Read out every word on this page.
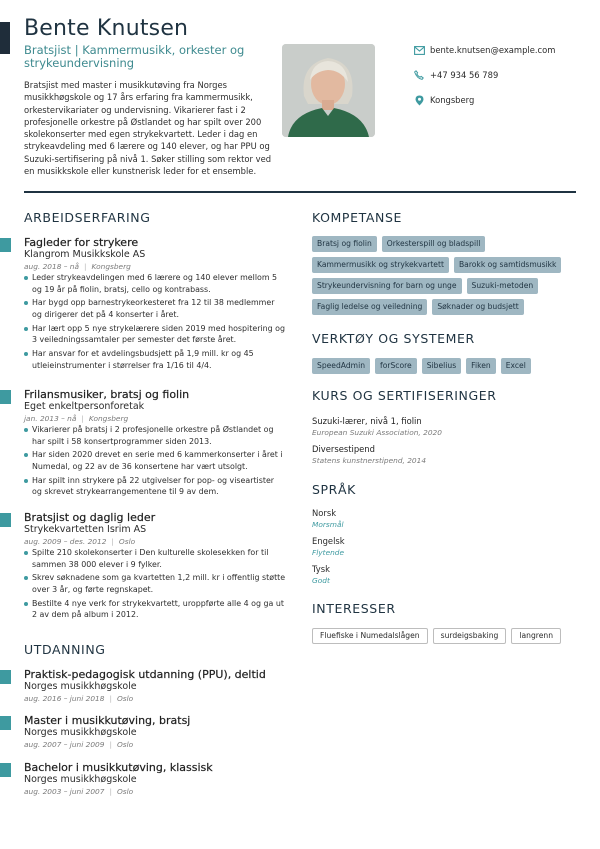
Bente Knutsen
Bratsjist | Kammermusikk, orkester og strykeundervisning

Bratsjist med master i musikkutøving fra Norges musikkhøgskole og 17 års erfaring fra kammermusikk, orkestervikariater og undervisning. Vikarierer fast i 2 profesjonelle orkestre på Østlandet og har spilt over 200 skolekonserter med egen strykekvartett. Leder i dag en strykeavdeling med 6 lærere og 140 elever, og har PPU og Suzuki-sertifisering på nivå 1. Søker stilling som rektor ved en musikkskole eller kunstnerisk leder for et ensemble.

bente.knutsen@example.com
+47 934 56 789
Kongsberg
ARBEIDSERFARING
Fagleder for strykere
Klangrom Musikkskole AS
aug. 2018 – nå | Kongsberg
Leder strykeavdelingen med 6 lærere og 140 elever mellom 5 og 19 år på fiolin, bratsj, cello og kontrabass.
Har bygd opp barnestrykeorkesteret fra 12 til 38 medlemmer og dirigerer det på 4 konserter i året.
Har lært opp 5 nye strykelærere siden 2019 med hospitering og 3 veiledningssamtaler per semester det første året.
Har ansvar for et avdelingsbudsjett på 1,9 mill. kr og 45 utleieinstrumenter i størrelser fra 1/16 til 4/4.
Frilansmusiker, bratsj og fiolin
Eget enkeltpersonforetak
jan. 2013 – nå | Kongsberg
Vikarierer på bratsj i 2 profesjonelle orkestre på Østlandet og har spilt i 58 konsertprogrammer siden 2013.
Har siden 2020 drevet en serie med 6 kammerkonserter i året i Numedal, og 22 av de 36 konsertene har vært utsolgt.
Har spilt inn strykere på 22 utgivelser for pop- og viseartister og skrevet strykearrangementene til 9 av dem.
Bratsjist og daglig leder
Strykekvartetten Isrim AS
aug. 2009 – des. 2012 | Oslo
Spilte 210 skolekonserter i Den kulturelle skolesekken for til sammen 38 000 elever i 9 fylker.
Skrev søknadene som ga kvartetten 1,2 mill. kr i offentlig støtte over 3 år, og førte regnskapet.
Bestilte 4 nye verk for strykekvartett, uroppførte alle 4 og ga ut 2 av dem på album i 2012.
UTDANNING
Praktisk-pedagogisk utdanning (PPU), deltid
Norges musikkhøgskole
aug. 2016 – juni 2018 | Oslo
Master i musikkutøving, bratsj
Norges musikkhøgskole
aug. 2007 – juni 2009 | Oslo
Bachelor i musikkutøving, klassisk
Norges musikkhøgskole
aug. 2003 – juni 2007 | Oslo
KOMPETANSE
Bratsj og fiolin	Orkesterspill og bladspill
Kammermusikk og strykekvartett	Barokk og samtidsmusikk
Strykeundervisning for barn og unge	Suzuki-metoden
Faglig ledelse og veiledning	Søknader og budsjett
VERKTØY OG SYSTEMER
SpeedAdmin	forScore	Sibelius	Fiken	Excel
KURS OG SERTIFISERINGER
Suzuki-lærer, nivå 1, fiolin
European Suzuki Association, 2020
Diversestipend
Statens kunstnerstipend, 2014
SPRÅK
Norsk
Morsmål
Engelsk
Flytende
Tysk
Godt
INTERESSER
Fluefiske i Numedalslågen	surdeigsbaking	langrenn
